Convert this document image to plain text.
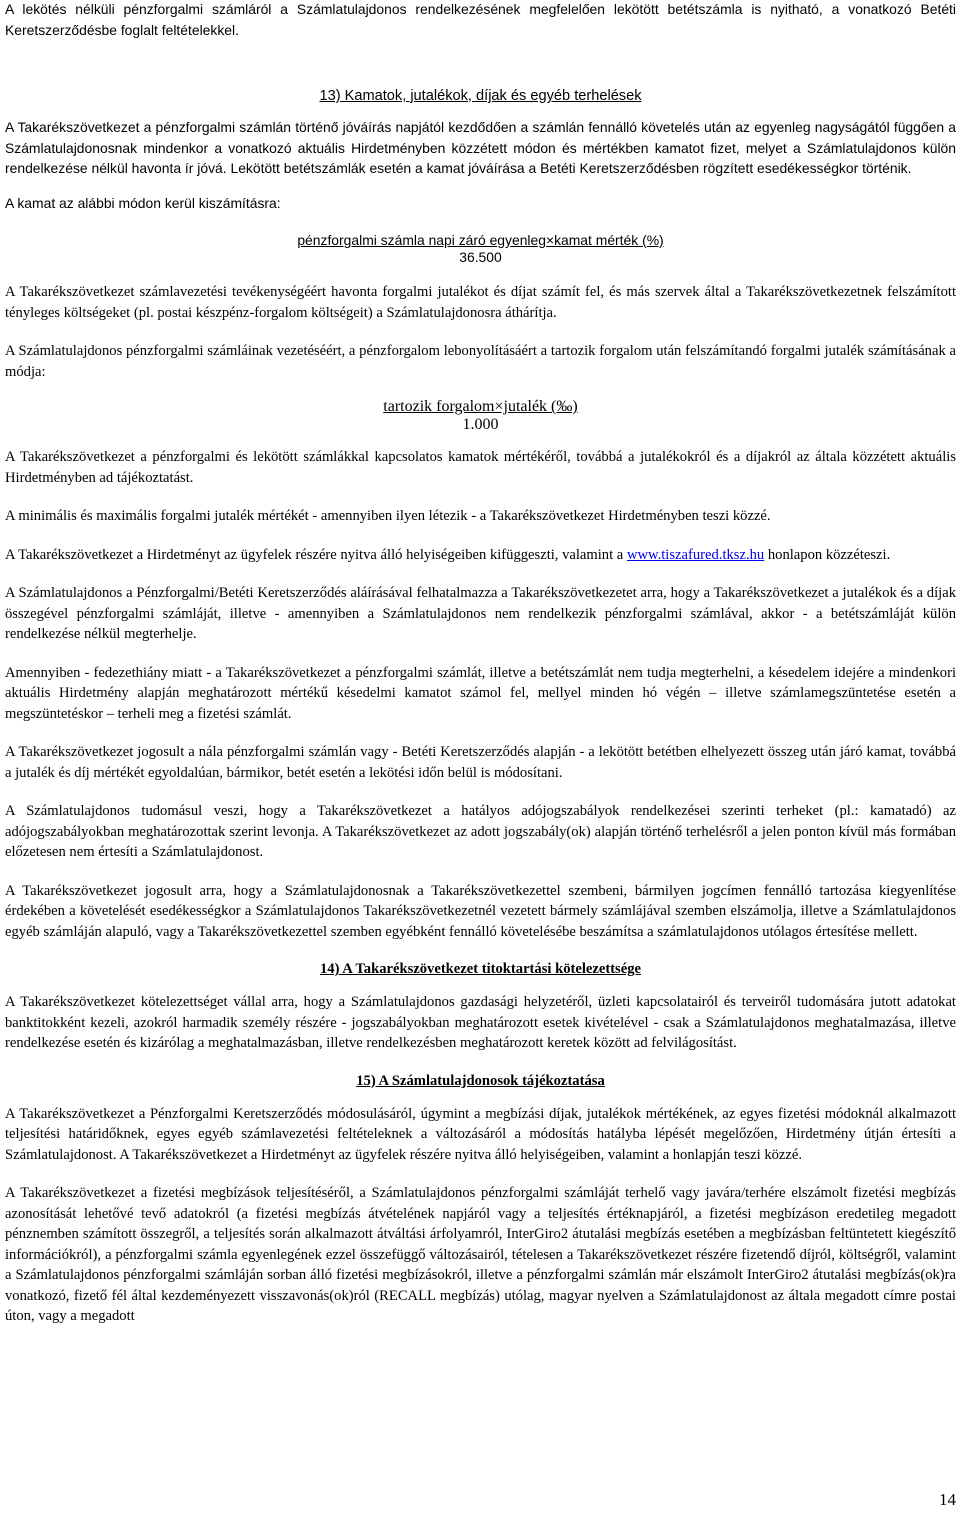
A lekötés nélküli pénzforgalmi számláról a Számlatulajdonos rendelkezésének megfelelően lekötött betétszámla is nyitható, a vonatkozó Betéti Keretszerződésbe foglalt feltételekkel.

13) Kamatok, jutalékok, díjak és egyéb terhelések

A Takarékszövetkezet a pénzforgalmi számlán történő jóváírás napjától kezdődően a számlán fennálló követelés után az egyenleg nagyságától függően a Számlatulajdonosnak mindenkor a vonatkozó aktuális Hirdetményben közzétett módon és mértékben kamatot fizet, melyet a Számlatulajdonos külön rendelkezése nélkül havonta ír jóvá. Lekötött betétszámlák esetén a kamat jóváírása a Betéti Keretszerződésben rögzített esedékességkor történik.

A kamat az alábbi módon kerül kiszámításra:

pénzforgalmi számla napi záró egyenleg×kamat mérték (%)
36.500

A Takarékszövetkezet számlavezetési tevékenységéért havonta forgalmi jutalékot és díjat számít fel, és más szervek által a Takarékszövetkezetnek felszámított tényleges költségeket (pl. postai készpénz-forgalom költségeit) a Számlatulajdonosra áthárítja.

A Számlatulajdonos pénzforgalmi számláinak vezetéséért, a pénzforgalom lebonyolításáért a tartozik forgalom után felszámítandó forgalmi jutalék számításának a módja:

tartozik forgalom×jutalék (‰)
1.000

A Takarékszövetkezet a pénzforgalmi és lekötött számlákkal kapcsolatos kamatok mértékéről, továbbá a jutalékokról és a díjakról az általa közzétett aktuális Hirdetményben ad tájékoztatást.

A minimális és maximális forgalmi jutalék mértékét - amennyiben ilyen létezik - a Takarékszövetkezet Hirdetményben teszi közzé.

A Takarékszövetkezet a Hirdetményt az ügyfelek részére nyitva álló helyiségeiben kifüggeszti, valamint a www.tiszafured.tksz.hu honlapon közzéteszi.

A Számlatulajdonos a Pénzforgalmi/Betéti Keretszerződés aláírásával felhatalmazza a Takarékszövetkezetet arra, hogy a Takarékszövetkezet a jutalékok és a díjak összegével pénzforgalmi számláját, illetve - amennyiben a Számlatulajdonos nem rendelkezik pénzforgalmi számlával, akkor - a betétszámláját külön rendelkezése nélkül megterhelje.

Amennyiben - fedezethiány miatt - a Takarékszövetkezet a pénzforgalmi számlát, illetve a betétszámlát nem tudja megterhelni, a késedelem idejére a mindenkori aktuális Hirdetmény alapján meghatározott mértékű késedelmi kamatot számol fel, mellyel minden hó végén – illetve számlamegszüntetése esetén a megszüntetéskor – terheli meg a fizetési számlát.

A Takarékszövetkezet jogosult a nála pénzforgalmi számlán vagy - Betéti Keretszerződés alapján - a lekötött betétben elhelyezett összeg után járó kamat, továbbá a jutalék és díj mértékét egyoldalúan, bármikor, betét esetén a lekötési időn belül is módosítani.

A Számlatulajdonos tudomásul veszi, hogy a Takarékszövetkezet a hatályos adójogszabályok rendelkezései szerinti terheket (pl.: kamatadó) az adójogszabályokban meghatározottak szerint levonja. A Takarékszövetkezet az adott jogszabály(ok) alapján történő terhelésről a jelen ponton kívül más formában előzetesen nem értesíti a Számlatulajdonost.

A Takarékszövetkezet jogosult arra, hogy a Számlatulajdonosnak a Takarékszövetkezettel szembeni, bármilyen jogcímen fennálló tartozása kiegyenlítése érdekében a követelését esedékességkor a Számlatulajdonos Takarékszövetkezetnél vezetett bármely számlájával szemben elszámolja, illetve a Számlatulajdonos egyéb számláján alapuló, vagy a Takarékszövetkezettel szemben egyébként fennálló követelésébe beszámítsa a számlatulajdonos utólagos értesítése mellett.

14) A Takarékszövetkezet titoktartási kötelezettsége

A Takarékszövetkezet kötelezettséget vállal arra, hogy a Számlatulajdonos gazdasági helyzetéről, üzleti kapcsolatairól és terveiről tudomására jutott adatokat banktitokként kezeli, azokról harmadik személy részére - jogszabályokban meghatározott esetek kivételével - csak a Számlatulajdonos meghatalmazása, illetve rendelkezése esetén és kizárólag a meghatalmazásban, illetve rendelkezésben meghatározott keretek között ad felvilágosítást.

15) A Számlatulajdonosok tájékoztatása

A Takarékszövetkezet a Pénzforgalmi Keretszerződés módosulásáról, úgymint a megbízási díjak, jutalékok mértékének, az egyes fizetési módoknál alkalmazott teljesítési határidőknek, egyes egyéb számlavezetési feltételeknek a változásáról a módosítás hatályba lépését megelőzően, Hirdetmény útján értesíti a Számlatulajdonost. A Takarékszövetkezet a Hirdetményt az ügyfelek részére nyitva álló helyiségeiben, valamint a honlapján teszi közzé.

A Takarékszövetkezet a fizetési megbízások teljesítéséről, a Számlatulajdonos pénzforgalmi számláját terhelő vagy javára/terhére elszámolt fizetési megbízás azonosítását lehetővé tevő adatokról (a fizetési megbízás átvételének napjáról vagy a teljesítés értéknapjáról, a fizetési megbízáson eredetileg megadott pénznemben számított összegről, a teljesítés során alkalmazott átváltási árfolyamról, InterGiro2 átutalási megbízás esetében a megbízásban feltüntetett kiegészítő információkról), a pénzforgalmi számla egyenlegének ezzel összefüggő változásairól, tételesen a Takarékszövetkezet részére fizetendő díjról, költségről, valamint a Számlatulajdonos pénzforgalmi számláján sorban álló fizetési megbízásokról, illetve a pénzforgalmi számlán már elszámolt InterGiro2 átutalási megbízás(ok)ra vonatkozó, fizető fél által kezdeményezett visszavonás(ok)ról (RECALL megbízás) utólag, magyar nyelven a Számlatulajdonost az általa megadott címre postai úton, vagy a megadott

14
